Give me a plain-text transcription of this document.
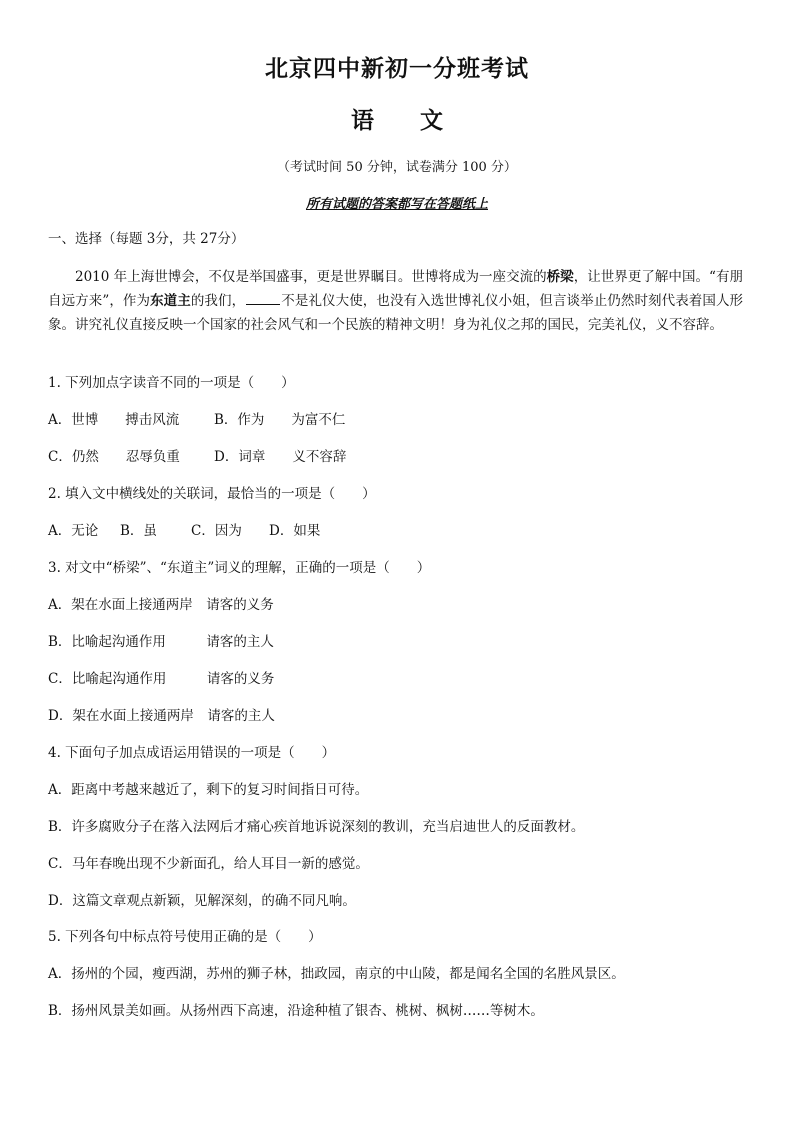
北京四中新初一分班考试
语文
（考试时间 50 分钟，试卷满分 100 分）
所有试题的答案都写在答题纸上
一、选择（每题 3分，共 27分）
2010 年上海世博会，不仅是举国盛事，更是世界瞩目。世博将成为一座交流的桥梁，让世界更了解中国。“有朋自远方来”，作为东道主的我们，	不是礼仪大使，也没有入选世博礼仪小姐，但言谈举止仍然时刻代表着国人形象。讲究礼仪直接反映一个国家的社会风气和一个民族的精神文明！身为礼仪之邦的国民，完美礼仪，义不容辞。
1. 下列加点字读音不同的一项是（　　）
A．世博　　搏击风流	B．作为　　为富不仁
C．仍然　　忍辱负重	D．词章　　义不容辞
2. 填入文中横线处的关联词，最恰当的一项是（　　）
A．无论 B．虽	C．因为 D．如果
3. 对文中“桥梁”、“东道主”词义的理解，正确的一项是（　　）
A．架在水面上接通两岸　请客的义务
B．比喻起沟通作用　　　请客的主人
C．比喻起沟通作用　　　请客的义务
D．架在水面上接通两岸　请客的主人
4. 下面句子加点成语运用错误的一项是（　　）
A．距离中考越来越近了，剩下的复习时间指日可待。
B．许多腐败分子在落入法网后才痛心疾首地诉说深刻的教训，充当启迪世人的反面教材。
C．马年春晚出现不少新面孔，给人耳目一新的感觉。
D．这篇文章观点新颖，见解深刻，的确不同凡响。
5. 下列各句中标点符号使用正确的是（　　）
A．扬州的个园，瘦西湖，苏州的狮子林，拙政园，南京的中山陵，都是闻名全国的名胜风景区。
B．扬州风景美如画。从扬州西下高速，沿途种植了银杏、桃树、枫树……等树木。
